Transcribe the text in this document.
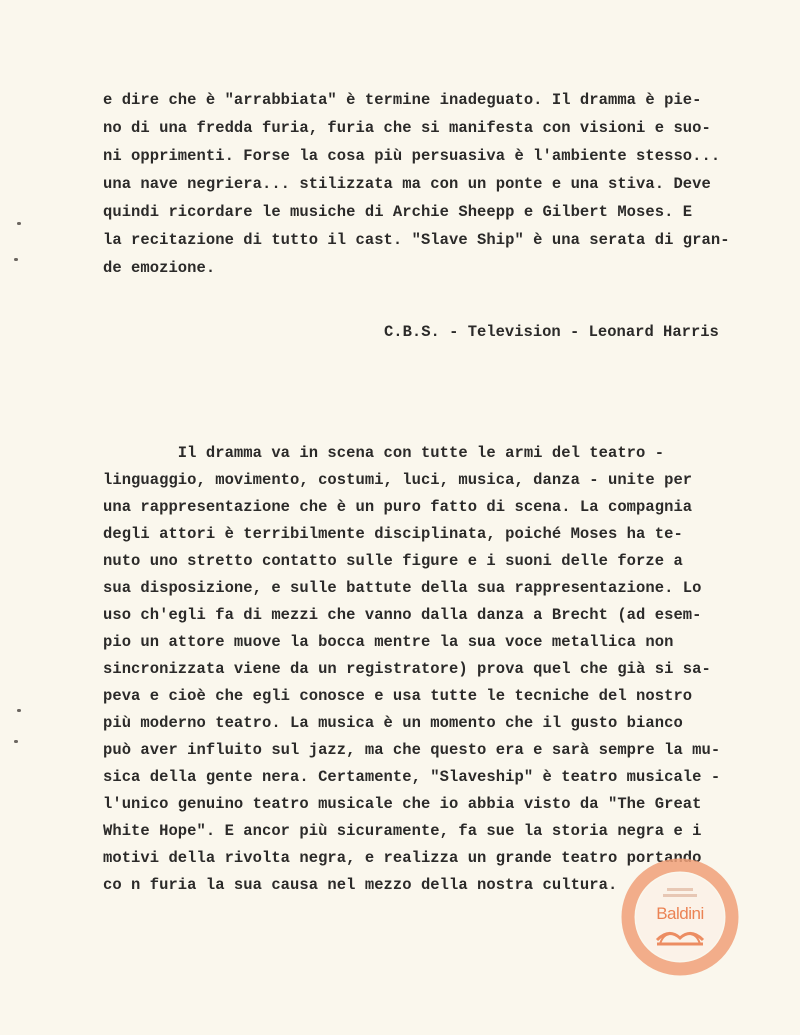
e dire che è "arrabbiata" è termine inadeguato. Il dramma è pie-
no di una fredda furia, furia che si manifesta con visioni e suo-
ni opprimenti. Forse la cosa più persuasiva è l'ambiente stesso...
una nave negriera... stilizzata ma con un ponte e una stiva. Deve
quindi ricordare le musiche di Archie Sheepp e Gilbert Moses. E
la recitazione di tutto il cast. "Slave Ship" è una serata di gran-
de emozione.
C.B.S. - Television - Leonard Harris
Il dramma va in scena con tutte le armi del teatro -
linguaggio, movimento, costumi, luci, musica, danza - unite per
una rappresentazione che è un puro fatto di scena. La compagnia
degli attori è terribilmente disciplinata, poiché Moses ha te-
nuto uno stretto contatto sulle figure e i suoni delle forze a
sua disposizione, e sulle battute della sua rappresentazione. Lo
uso ch'egli fa di mezzi che vanno dalla danza a Brecht (ad esem-
pio un attore muove la bocca mentre la sua voce metallica non
sincronizzata viene da un registratore) prova quel che già si sa-
peva e cioè che egli conosce e usa tutte le tecniche del nostro
più moderno teatro. La musica è un momento che il gusto bianco
può aver influito sul jazz, ma che questo era e sarà sempre la mu-
sica della gente nera. Certamente, "Slaveship" è teatro musicale -
l'unico genuino teatro musicale che io abbia visto da "The Great
White Hope". E ancor più sicuramente, fa sue la storia negra e i
motivi della rivolta negra, e realizza un grande teatro portando
co n furia la sua causa nel mezzo della nostra cultura.
Baldini
